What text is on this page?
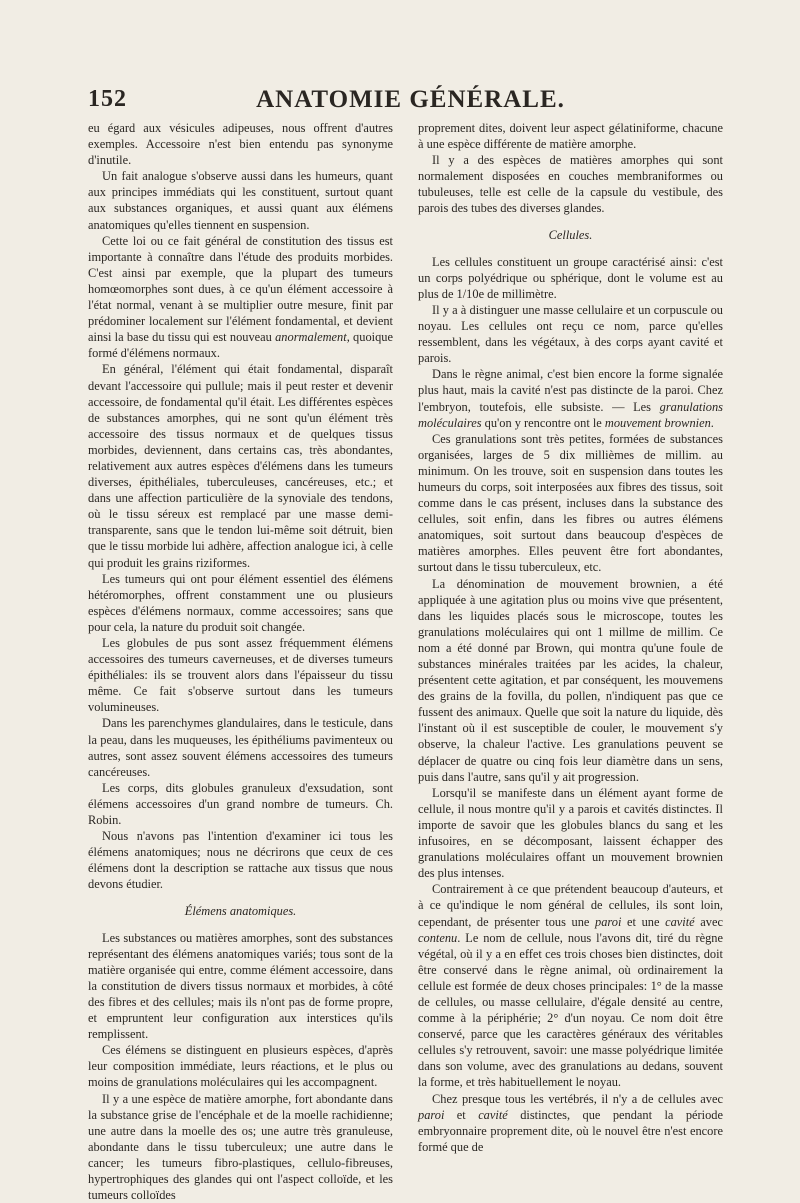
152	ANATOMIE GÉNÉRALE.

eu égard aux vésicules adipeuses, nous offrent d'autres exemples. Accessoire n'est bien entendu pas synonyme d'inutile.

Un fait analogue s'observe aussi dans les humeurs, quant aux principes immédiats qui les constituent, surtout quant aux substances organiques, et aussi quant aux élémens anatomiques qu'elles tiennent en suspension.

Cette loi ou ce fait général de constitution des tissus est importante à connaître dans l'étude des produits morbides. C'est ainsi par exemple, que la plupart des tumeurs homœomorphes sont dues, à ce qu'un élément accessoire à l'état normal, venant à se multiplier outre mesure, finit par prédominer localement sur l'élément fondamental, et devient ainsi la base du tissu qui est nouveau anormalement, quoique formé d'élémens normaux.

En général, l'élément qui était fondamental, disparaît devant l'accessoire qui pullule; mais il peut rester et devenir accessoire, de fondamental qu'il était. Les différentes espèces de substances amorphes, qui ne sont qu'un élément très accessoire des tissus normaux et de quelques tissus morbides, deviennent, dans certains cas, très abondantes, relativement aux autres espèces d'élémens dans les tumeurs diverses, épithéliales, tuberculeuses, cancéreuses, etc.; et dans une affection particulière de la synoviale des tendons, où le tissu séreux est remplacé par une masse demi-transparente, sans que le tendon lui-même soit détruit, bien que le tissu morbide lui adhère, affection analogue ici, à celle qui produit les grains riziformes.

Les tumeurs qui ont pour élément essentiel des élémens hétéromorphes, offrent constamment une ou plusieurs espèces d'élémens normaux, comme accessoires; sans que pour cela, la nature du produit soit changée.

Les globules de pus sont assez fréquemment élémens accessoires des tumeurs caverneuses, et de diverses tumeurs épithéliales: ils se trouvent alors dans l'épaisseur du tissu même. Ce fait s'observe surtout dans les tumeurs volumineuses.

Dans les parenchymes glandulaires, dans le testicule, dans la peau, dans les muqueuses, les épithéliums pavimenteux ou autres, sont assez souvent élémens accessoires des tumeurs cancéreuses.

Les corps, dits globules granuleux d'exsudation, sont élémens accessoires d'un grand nombre de tumeurs. Ch. Robin.

Nous n'avons pas l'intention d'examiner ici tous les élémens anatomiques; nous ne décrirons que ceux de ces élémens dont la description se rattache aux tissus que nous devons étudier.

Élémens anatomiques.

Les substances ou matières amorphes, sont des substances représentant des élémens anatomiques variés; tous sont de la matière organisée qui entre, comme élément accessoire, dans la constitution de divers tissus normaux et morbides, à côté des fibres et des cellules; mais ils n'ont pas de forme propre, et empruntent leur configuration aux interstices qu'ils remplissent.

Ces élémens se distinguent en plusieurs espèces, d'après leur composition immédiate, leurs réactions, et le plus ou moins de granulations moléculaires qui les accompagnent.

Il y a une espèce de matière amorphe, fort abondante dans la substance grise de l'encéphale et de la moelle rachidienne; une autre dans la moelle des os; une autre très granuleuse, abondante dans le tissu tuberculeux; une autre dans le cancer; les tumeurs fibro-plastiques, cellulo-fibreuses, hypertrophiques des glandes qui ont l'aspect colloïde, et les tumeurs colloïdes

proprement dites, doivent leur aspect gélatiniforme, chacune à une espèce différente de matière amorphe.

Il y a des espèces de matières amorphes qui sont normalement disposées en couches membraniformes ou tubuleuses, telle est celle de la capsule du vestibule, des parois des tubes des diverses glandes.

Cellules.

Les cellules constituent un groupe caractérisé ainsi: c'est un corps polyédrique ou sphérique, dont le volume est au plus de 1/10e de millimètre.

Il y a à distinguer une masse cellulaire et un corpuscule ou noyau. Les cellules ont reçu ce nom, parce qu'elles ressemblent, dans les végétaux, à des corps ayant cavité et parois.

Dans le règne animal, c'est bien encore la forme signalée plus haut, mais la cavité n'est pas distincte de la paroi. Chez l'embryon, toutefois, elle subsiste. — Les granulations moléculaires qu'on y rencontre ont le mouvement brownien.

Ces granulations sont très petites, formées de substances organisées, larges de 5 dix millièmes de millim. au minimum. On les trouve, soit en suspension dans toutes les humeurs du corps, soit interposées aux fibres des tissus, soit comme dans le cas présent, incluses dans la substance des cellules, soit enfin, dans les fibres ou autres élémens anatomiques, soit surtout dans beaucoup d'espèces de matières amorphes. Elles peuvent être fort abondantes, surtout dans le tissu tuberculeux, etc.

La dénomination de mouvement brownien, a été appliquée à une agitation plus ou moins vive que présentent, dans les liquides placés sous le microscope, toutes les granulations moléculaires qui ont 1 millme de millim. Ce nom a été donné par Brown, qui montra qu'une foule de substances minérales traitées par les acides, la chaleur, présentent cette agitation, et par conséquent, les mouvemens des grains de la fovilla, du pollen, n'indiquent pas que ce fussent des animaux. Quelle que soit la nature du liquide, dès l'instant où il est susceptible de couler, le mouvement s'y observe, la chaleur l'active. Les granulations peuvent se déplacer de quatre ou cinq fois leur diamètre dans un sens, puis dans l'autre, sans qu'il y ait progression.

Lorsqu'il se manifeste dans un élément ayant forme de cellule, il nous montre qu'il y a parois et cavités distinctes. Il importe de savoir que les globules blancs du sang et les infusoires, en se décomposant, laissent échapper des granulations moléculaires offant un mouvement brownien des plus intenses.

Contrairement à ce que prétendent beaucoup d'auteurs, et à ce qu'indique le nom général de cellules, ils sont loin, cependant, de présenter tous une paroi et une cavité avec contenu. Le nom de cellule, nous l'avons dit, tiré du règne végétal, où il y a en effet ces trois choses bien distinctes, doit être conservé dans le règne animal, où ordinairement la cellule est formée de deux choses principales: 1° de la masse de cellules, ou masse cellulaire, d'égale densité au centre, comme à la périphérie; 2° d'un noyau. Ce nom doit être conservé, parce que les caractères généraux des véritables cellules s'y retrouvent, savoir: une masse polyédrique limitée dans son volume, avec des granulations au dedans, souvent la forme, et très habituellement le noyau.

Chez presque tous les vertébrés, il n'y a de cellules avec paroi et cavité distinctes, que pendant la période embryonnaire proprement dite, où le nouvel être n'est encore formé que de
